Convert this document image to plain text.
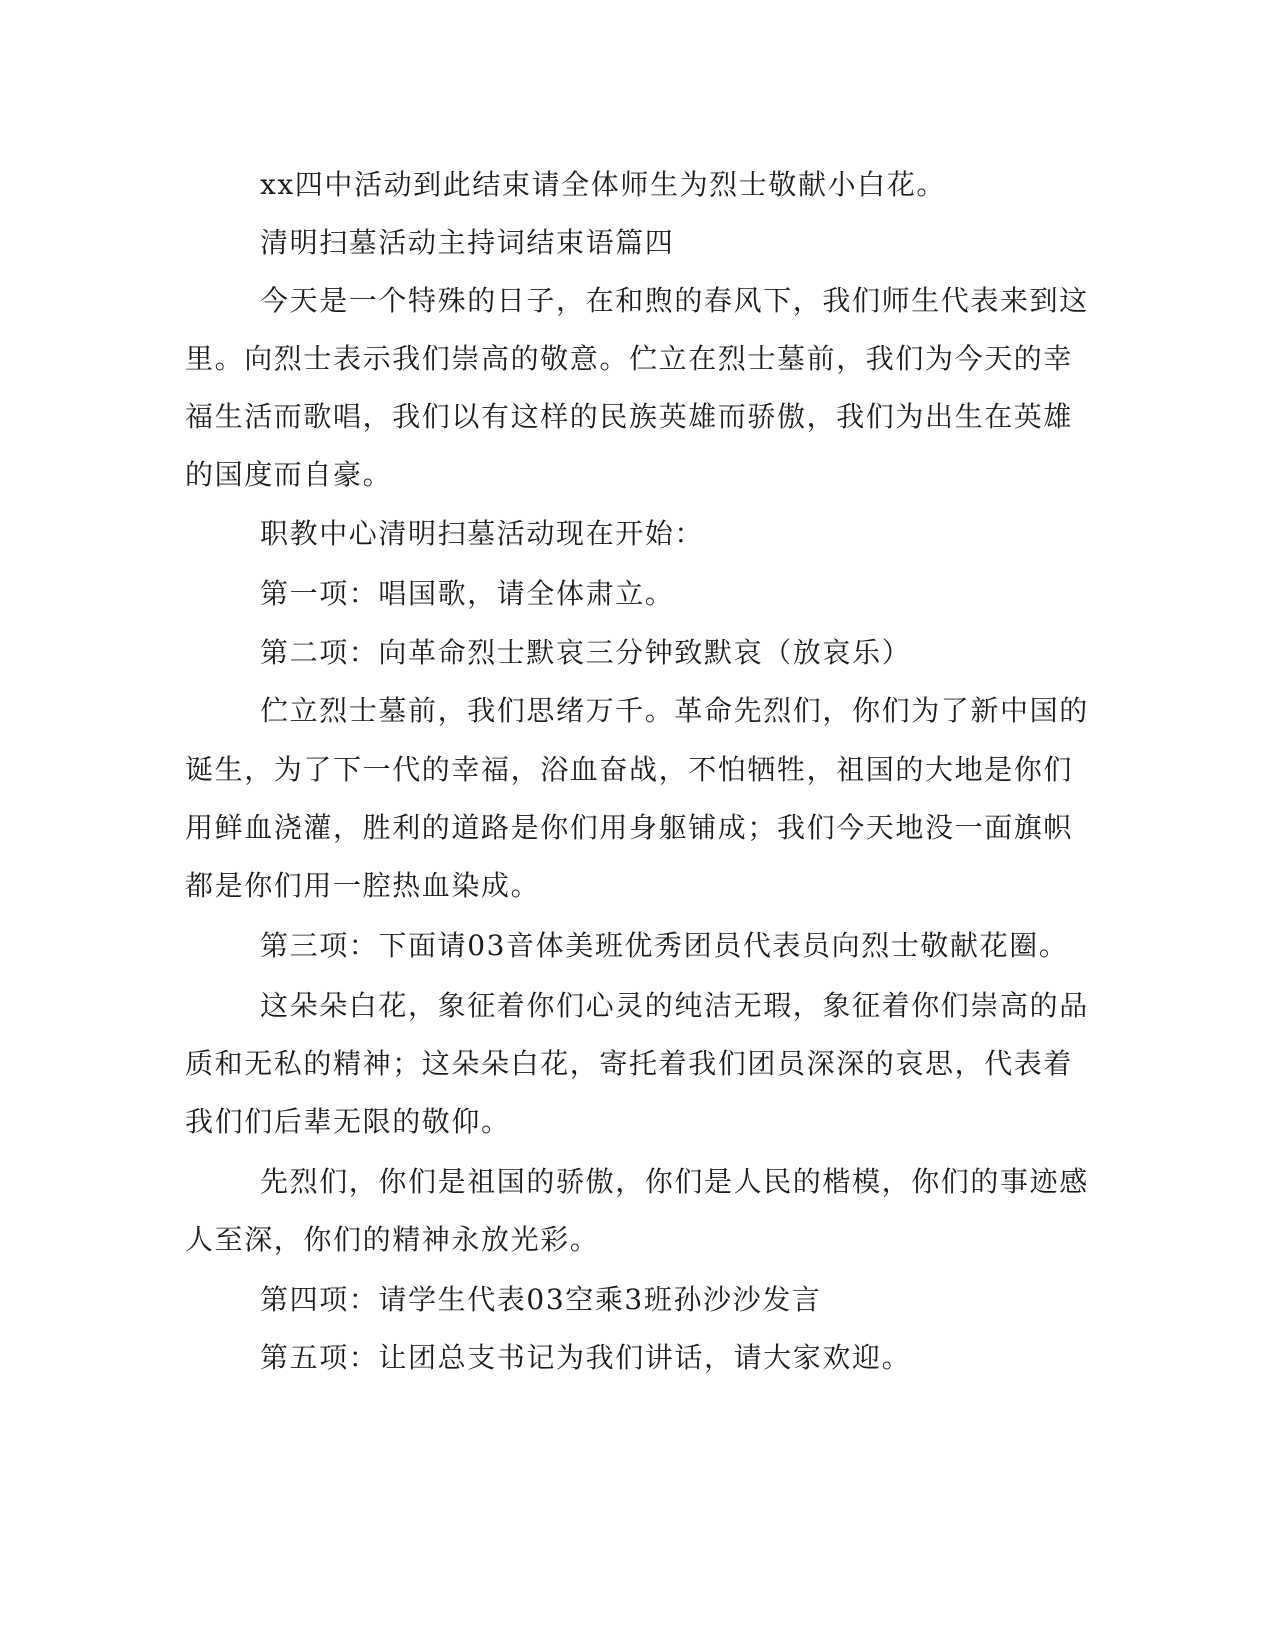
xx四中活动到此结束请全体师生为烈士敬献小白花。

清明扫墓活动主持词结束语篇四

今天是一个特殊的日子，在和煦的春风下，我们师生代表来到这

里。向烈士表示我们崇高的敬意。伫立在烈士墓前，我们为今天的幸

福生活而歌唱，我们以有这样的民族英雄而骄傲，我们为出生在英雄

的国度而自豪。

职教中心清明扫墓活动现在开始：

第一项：唱国歌，请全体肃立。

第二项：向革命烈士默哀三分钟致默哀（放哀乐）

伫立烈士墓前，我们思绪万千。革命先烈们，你们为了新中国的

诞生，为了下一代的幸福，浴血奋战，不怕牺牲，祖国的大地是你们

用鲜血浇灌，胜利的道路是你们用身躯铺成；我们今天地没一面旗帜

都是你们用一腔热血染成。

第三项：下面请03音体美班优秀团员代表员向烈士敬献花圈。

这朵朵白花，象征着你们心灵的纯洁无瑕，象征着你们崇高的品

质和无私的精神；这朵朵白花，寄托着我们团员深深的哀思，代表着

我们们后辈无限的敬仰。

先烈们，你们是祖国的骄傲，你们是人民的楷模，你们的事迹感

人至深，你们的精神永放光彩。

第四项：请学生代表03空乘3班孙沙沙发言

第五项：让团总支书记为我们讲话，请大家欢迎。
